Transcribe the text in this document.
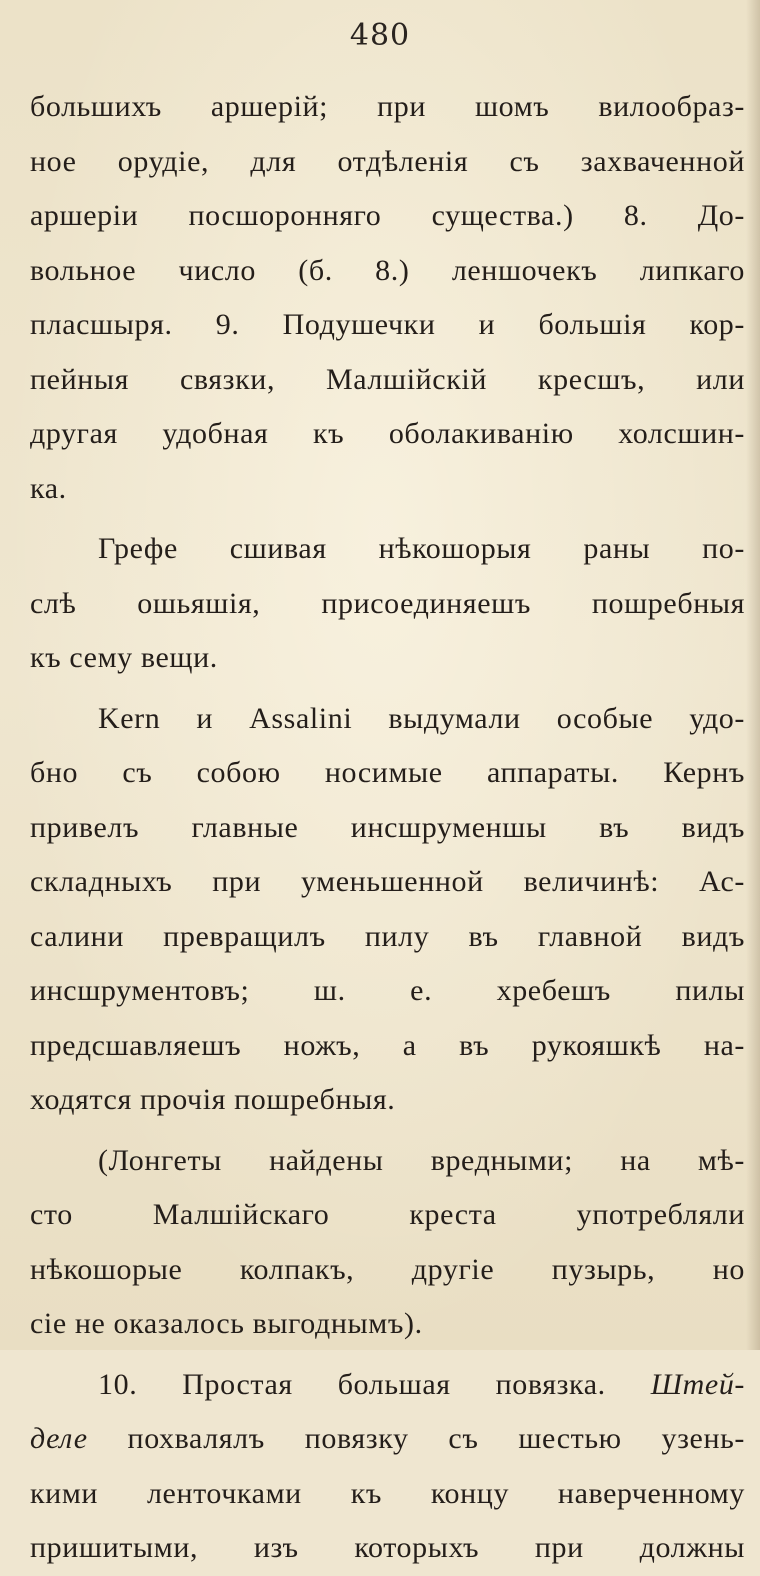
480
большихъ аршерій; при шомъ вилообраз-
ное орудіе, для отдѣленія съ захваченной
аршеріи посшоронняго существа.) 8. До-
вольное число (б. 8.) леншочекъ липкаго
пласшыря. 9. Подушечки и большія кор-
пейныя связки, Малшійскій кресшъ, или
другая удобная къ оболакиванію холсшин-
ка.
Грефе сшивая нѣкошорыя раны по-
слѣ ошьяшія, присоединяешъ пошребныя
къ сему вещи.
Kern и Assalini выдумали особые удо-
бно съ собою носимые аппараты. Кернъ
привелъ главные инсшруменшы въ видъ
складныхъ при уменьшенной величинѣ: Ас-
салини превращилъ пилу въ главной видъ
инсшрументовъ; ш. е. хребешъ пилы
предсшавляешъ ножъ, а въ рукояшкѣ на-
ходятся прочія пошребныя.
(Лонгеты найдены вредными; на мѣ-
сто Малшійскаго креста употребляли
нѣкошорые колпакъ, другіе пузырь, но
сіе не оказалось выгоднымъ).
10. Простая большая повязка. Штей-
деле похвалялъ повязку съ шестью узень-
кими ленточками къ концу наверченному
пришитыми, изъ которыхъ при должны
